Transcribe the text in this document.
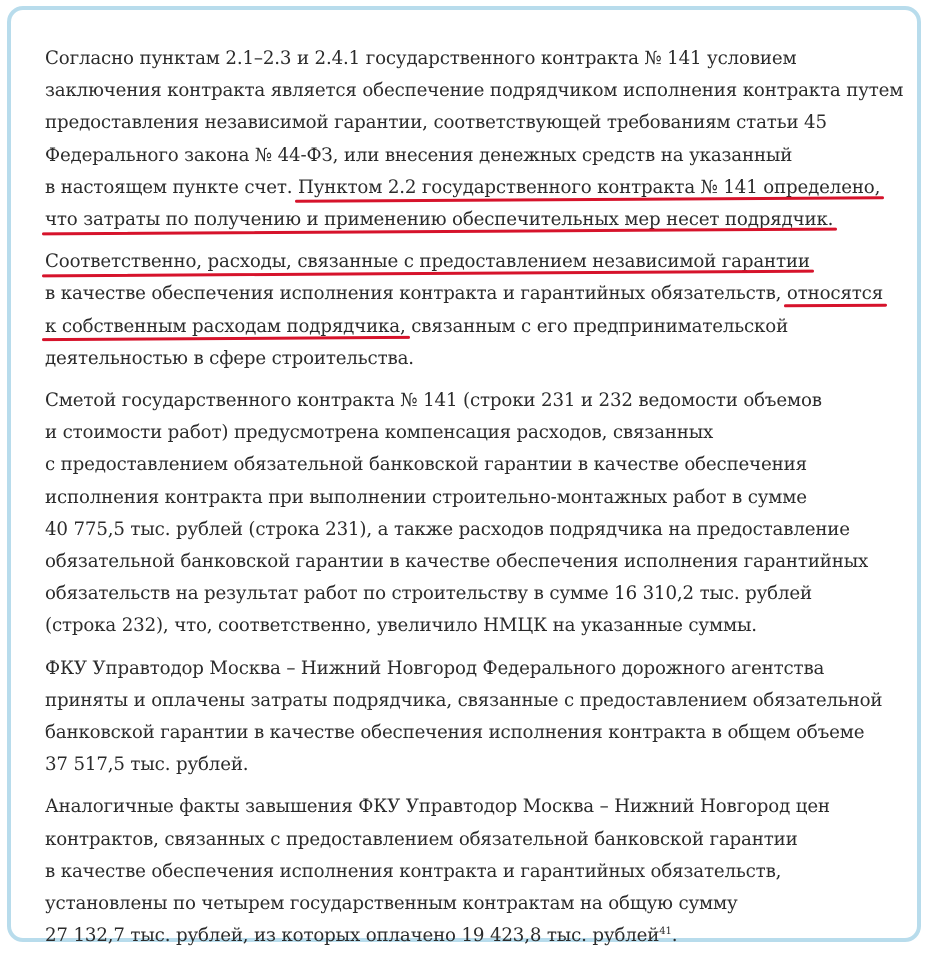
Согласно пунктам 2.1–2.3 и 2.4.1 государственного контракта № 141 условием
заключения контракта является обеспечение подрядчиком исполнения контракта путем
предоставления независимой гарантии, соответствующей требованиям статьи 45
Федерального закона № 44-ФЗ, или внесения денежных средств на указанный
в настоящем пункте счет. Пунктом 2.2 государственного контракта № 141 определено,
что затраты по получению и применению обеспечительных мер несет подрядчик.

Соответственно, расходы, связанные с предоставлением независимой гарантии
в качестве обеспечения исполнения контракта и гарантийных обязательств, относятся
к собственным расходам подрядчика, связанным с его предпринимательской
деятельностью в сфере строительства.

Сметой государственного контракта № 141 (строки 231 и 232 ведомости объемов
и стоимости работ) предусмотрена компенсация расходов, связанных
с предоставлением обязательной банковской гарантии в качестве обеспечения
исполнения контракта при выполнении строительно-монтажных работ в сумме
40 775,5 тыс. рублей (строка 231), а также расходов подрядчика на предоставление
обязательной банковской гарантии в качестве обеспечения исполнения гарантийных
обязательств на результат работ по строительству в сумме 16 310,2 тыс. рублей
(строка 232), что, соответственно, увеличило НМЦК на указанные суммы.

ФКУ Управтодор Москва – Нижний Новгород Федерального дорожного агентства
приняты и оплачены затраты подрядчика, связанные с предоставлением обязательной
банковской гарантии в качестве обеспечения исполнения контракта в общем объеме
37 517,5 тыс. рублей.

Аналогичные факты завышения ФКУ Управтодор Москва – Нижний Новгород цен
контрактов, связанных с предоставлением обязательной банковской гарантии
в качестве обеспечения исполнения контракта и гарантийных обязательств,
установлены по четырем государственным контрактам на общую сумму
27 132,7 тыс. рублей, из которых оплачено 19 423,8 тыс. рублей$^{41}$.
